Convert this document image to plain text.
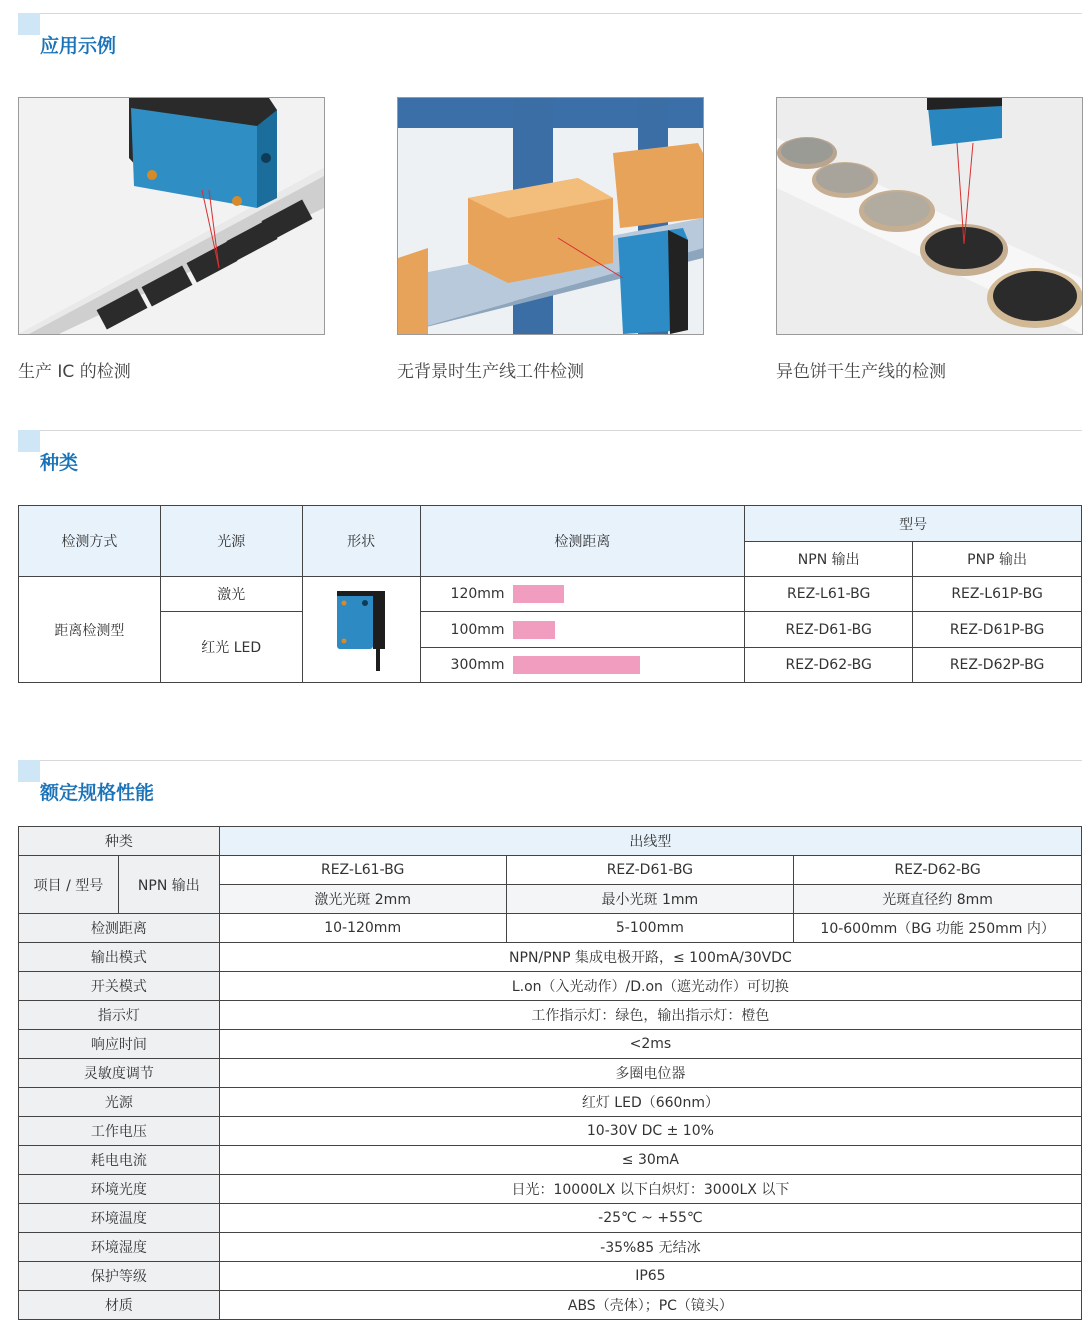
应用示例
生产 IC 的检测	无背景时生产线工件检测	异色饼干生产线的检测
种类
检测方式	光源	形状	检测距离	型号	
				NPN 输出	PNP 输出
距离检测型	激光		120mm	REZ-L61-BG	REZ-L61P-BG
	红光 LED		100mm	REZ-D61-BG	REZ-D61P-BG
			300mm	REZ-D62-BG	REZ-D62P-BG
额定规格性能
种类		出线型		
项目 / 型号	NPN 输出	REZ-L61-BG	REZ-D61-BG	REZ-D62-BG
		激光光斑 2mm	最小光斑 1mm	光斑直径约 8mm
检测距离		10-120mm	5-100mm	10-600mm（BG 功能 250mm 内）
输出模式		NPN/PNP 集成电极开路，≤ 100mA/30VDC		
开关模式		L.on（入光动作）/D.on（遮光动作）可切换		
指示灯		工作指示灯：绿色，输出指示灯：橙色		
响应时间		<2ms		
灵敏度调节		多圈电位器		
光源		红灯 LED（660nm）		
工作电压		10-30V DC ± 10%		
耗电电流		≤ 30mA		
环境光度		日光：10000LX 以下白炽灯：3000LX 以下		
环境温度		-25℃ ~ +55℃		
环境湿度		-35%85 无结冰		
保护等级		IP65		
材质		ABS（壳体）；PC（镜头）		
